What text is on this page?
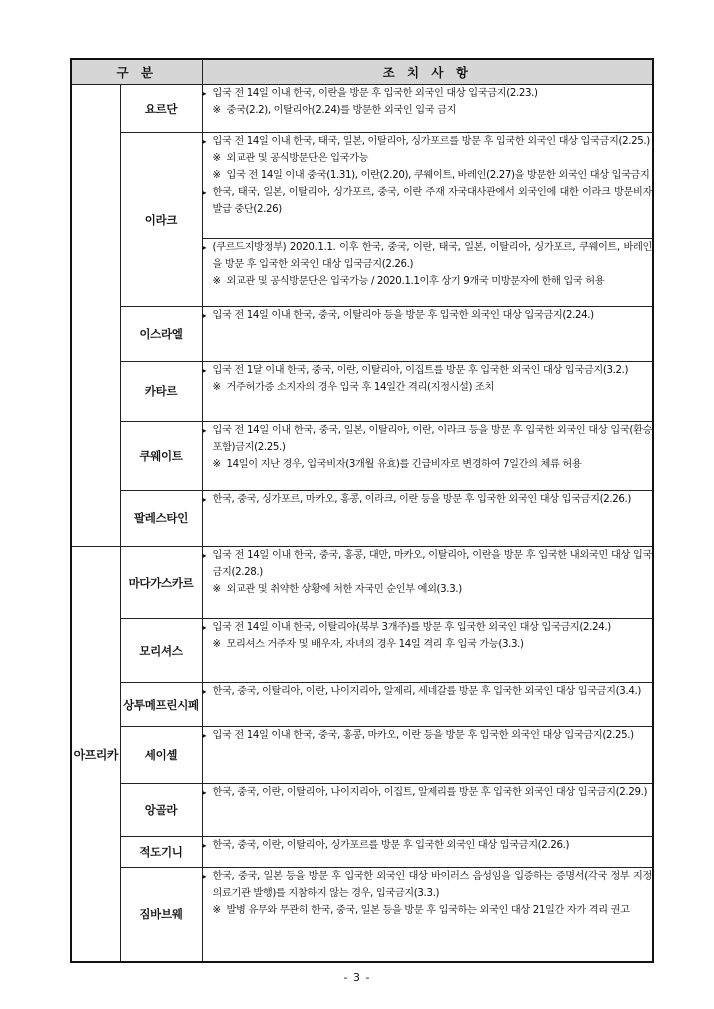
구 분		조 치 사 항
	요르단	▸ 입국 전 14일 이내 한국, 이란을 방문 후 입국한 외국인 대상 입국금지(2.23.)

※ 중국(2.2), 이탈리아(2.24)를 방문한 외국인 입국 금지

	이라크	▸ 입국 전 14일 이내 한국, 태국, 일본, 이탈리아, 싱가포르를 방문 후 입국한 외국인 대상 입국금지(2.25.)

※ 외교관 및 공식방문단은 입국가능

※ 입국 전 14일 이내 중국(1.31), 이란(2.20), 쿠웨이트, 바레인(2.27)을 방문한 외국인 대상 입국금지

▸ 한국, 태국, 일본, 이탈리아, 싱가포르, 중국, 이란 주재 자국대사관에서 외국인에 대한 이라크 방문비자 발급 중단(2.26)

		▸ (쿠르드지방정부) 2020.1.1. 이후 한국, 중국, 이란, 태국, 일본, 이탈리아, 싱가포르, 쿠웨이트, 바레인을 방문 후 입국한 외국인 대상 입국금지(2.26.)

※ 외교관 및 공식방문단은 입국가능 / 2020.1.1이후 상기 9개국 미방문자에 한해 입국 허용

	이스라엘	▸ 입국 전 14일 이내 한국, 중국, 이탈리아 등을 방문 후 입국한 외국인 대상 입국금지(2.24.)

	카타르	▸ 입국 전 1달 이내 한국, 중국, 이란, 이탈리아, 이집트를 방문 후 입국한 외국인 대상 입국금지(3.2.)

※ 거주허가증 소지자의 경우 입국 후 14일간 격리(지정시설) 조치

	쿠웨이트	▸ 입국 전 14일 이내 한국, 중국, 일본, 이탈리아, 이란, 이라크 등을 방문 후 입국한 외국인 대상 입국(환승 포함)금지(2.25.)

※ 14일이 지난 경우, 입국비자(3개월 유효)를 긴급비자로 변경하여 7일간의 체류 허용

	팔레스타인	▸ 한국, 중국, 싱가포르, 마카오, 홍콩, 이라크, 이란 등을 방문 후 입국한 외국인 대상 입국금지(2.26.)

아프리카	마다가스카르	▸ 입국 전 14일 이내 한국, 중국, 홍콩, 대만, 마카오, 이탈리아, 이란을 방문 후 입국한 내외국민 대상 입국금지(2.28.)

※ 외교관 및 취약한 상황에 처한 자국민 순인부 예외(3.3.)

	모리셔스	▸ 입국 전 14일 이내 한국, 이탈리아(북부 3개주)를 방문 후 입국한 외국인 대상 입국금지(2.24.)

※ 모리셔스 거주자 및 배우자, 자녀의 경우 14일 격리 후 입국 가능(3.3.)

	상투메프린시페	▸ 한국, 중국, 이탈리아, 이란, 나이지리아, 알제리, 세네갈를 방문 후 입국한 외국인 대상 입국금지(3.4.)

	세이셸	▸ 입국 전 14일 이내 한국, 중국, 홍콩, 마카오, 이란 등을 방문 후 입국한 외국인 대상 입국금지(2.25.)

	앙골라	▸ 한국, 중국, 이란, 이탈리아, 나이지리아, 이집트, 알제리를 방문 후 입국한 외국인 대상 입국금지(2.29.)

	적도기니	▸ 한국, 중국, 이란, 이탈리아, 싱가포르를 방문 후 입국한 외국인 대상 입국금지(2.26.)

	짐바브웨	▸ 한국, 중국, 일본 등을 방문 후 입국한 외국인 대상 바이러스 음성임을 입증하는 증명서(각국 정부 지정 의료기관 발행)를 지참하지 않는 경우, 입국금지(3.3.)

※ 발병 유무와 무관히 한국, 중국, 일본 등을 방문 후 입국하는 외국인 대상 21일간 자가 격리 권고

- 3 -
